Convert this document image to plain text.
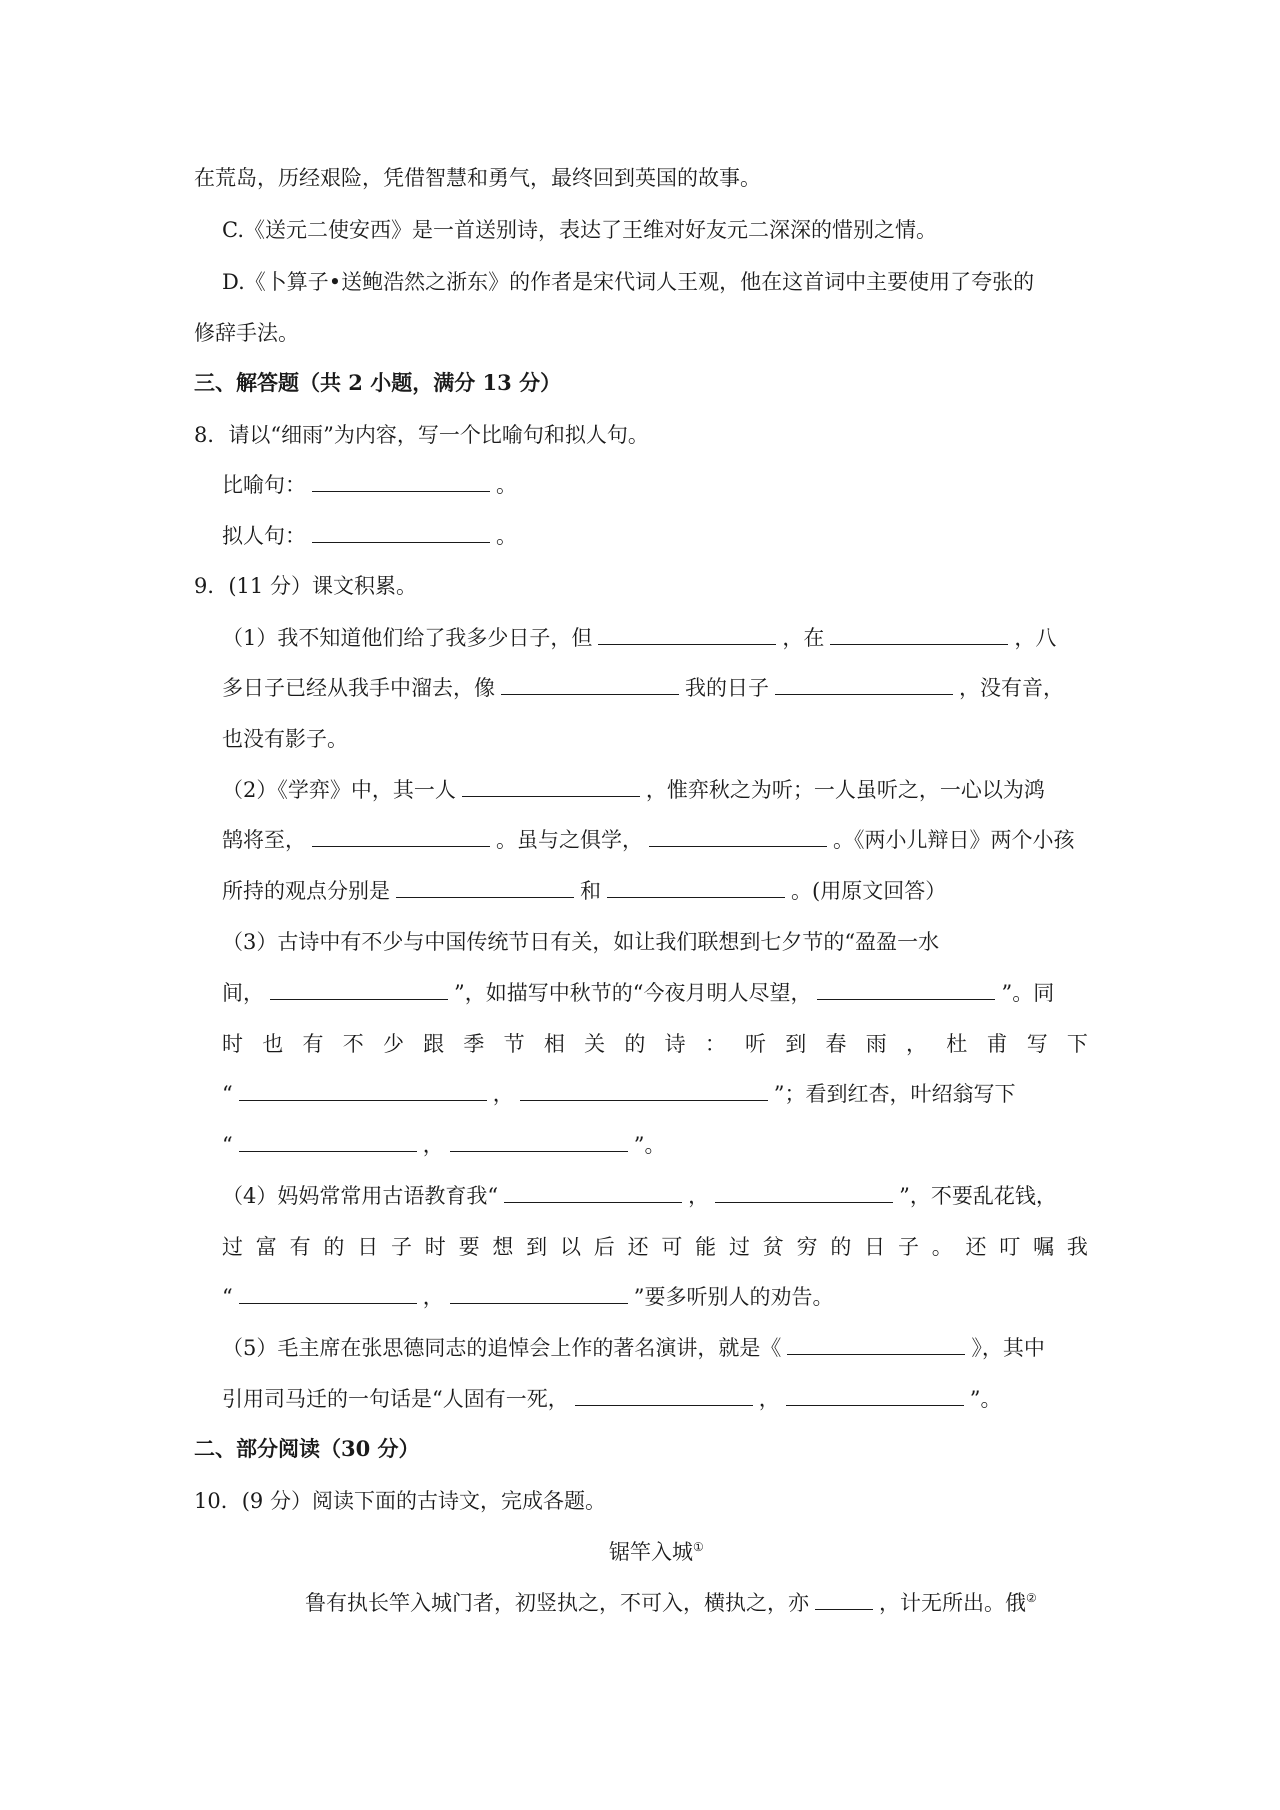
在荒岛，历经艰险，凭借智慧和勇气，最终回到英国的故事。
C.《送元二使安西》是一首送别诗，表达了王维对好友元二深深的惜别之情。
D.《卜算子•送鲍浩然之浙东》的作者是宋代词人王观，他在这首词中主要使用了夸张的
修辞手法。
三、解答题（共 2 小题，满分 13 分）
8．请以“细雨”为内容，写一个比喻句和拟人句。
比喻句：	。
拟人句：	。
9．(11 分）课文积累。
（1）我不知道他们给了我多少日子，但	，在	，八
多日子已经从我手中溜去，像	我的日子	，没有音，
也没有影子。
（2）《学弈》中，其一人	，惟弈秋之为听；一人虽听之，一心以为鸿
鹄将至，	。虽与之俱学，	。《两小儿辩日》两个小孩
所持的观点分别是	和	。(用原文回答）
（3）古诗中有不少与中国传统节日有关，如让我们联想到七夕节的“盈盈一水
间，	”，如描写中秋节的“今夜月明人尽望，	”。同
时 也 有 不 少 跟 季 节 相 关 的 诗 ： 听 到 春 雨 ， 杜 甫 写 下
“	，	”；看到红杏，叶绍翁写下
“	，	”。
（4）妈妈常常用古语教育我“	，	”，不要乱花钱，
过 富 有 的 日 子 时 要 想 到 以 后 还 可 能 过 贫 穷 的 日 子 。 还 叮 嘱 我
“	，	”要多听别人的劝告。
（5）毛主席在张思德同志的追悼会上作的著名演讲，就是《	》，其中
引用司马迁的一句话是“人固有一死，	，	”。
二、部分阅读（30 分）
10．(9 分）阅读下面的古诗文，完成各题。
锯竿入城①
鲁有执长竿入城门者，初竖执之，不可入，横执之，亦	，计无所出。俄②
